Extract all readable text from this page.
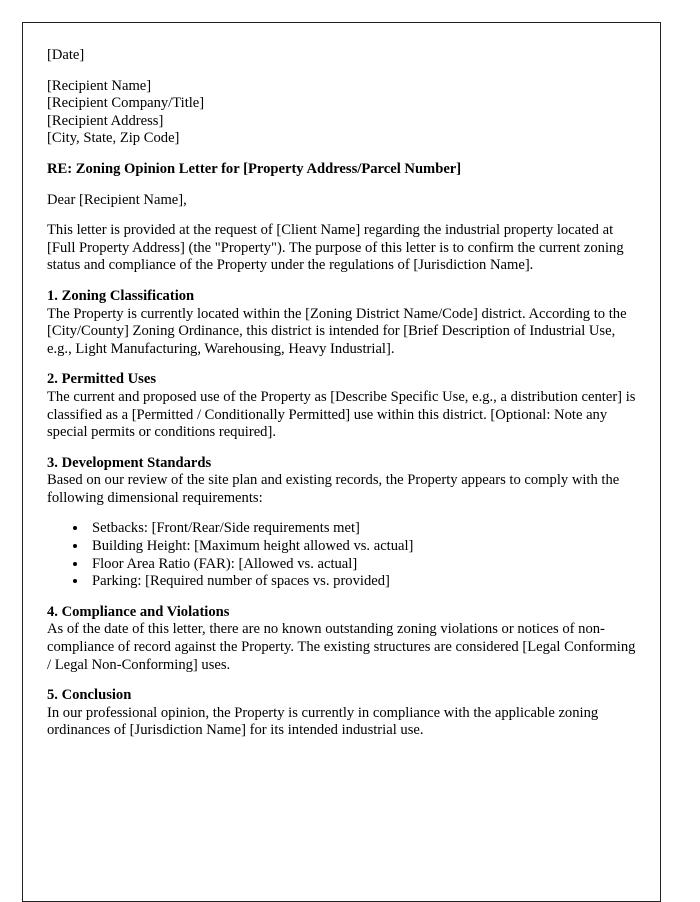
[Date]
[Recipient Name]
[Recipient Company/Title]
[Recipient Address]
[City, State, Zip Code]
RE: Zoning Opinion Letter for [Property Address/Parcel Number]
Dear [Recipient Name],
This letter is provided at the request of [Client Name] regarding the industrial property located at [Full Property Address] (the "Property"). The purpose of this letter is to confirm the current zoning status and compliance of the Property under the regulations of [Jurisdiction Name].
1. Zoning Classification
The Property is currently located within the [Zoning District Name/Code] district. According to the [City/County] Zoning Ordinance, this district is intended for [Brief Description of Industrial Use, e.g., Light Manufacturing, Warehousing, Heavy Industrial].
2. Permitted Uses
The current and proposed use of the Property as [Describe Specific Use, e.g., a distribution center] is classified as a [Permitted / Conditionally Permitted] use within this district. [Optional: Note any special permits or conditions required].
3. Development Standards
Based on our review of the site plan and existing records, the Property appears to comply with the following dimensional requirements:
• Setbacks: [Front/Rear/Side requirements met]
• Building Height: [Maximum height allowed vs. actual]
• Floor Area Ratio (FAR): [Allowed vs. actual]
• Parking: [Required number of spaces vs. provided]
4. Compliance and Violations
As of the date of this letter, there are no known outstanding zoning violations or notices of non-compliance of record against the Property. The existing structures are considered [Legal Conforming / Legal Non-Conforming] uses.
5. Conclusion
In our professional opinion, the Property is currently in compliance with the applicable zoning ordinances of [Jurisdiction Name] for its intended industrial use.
